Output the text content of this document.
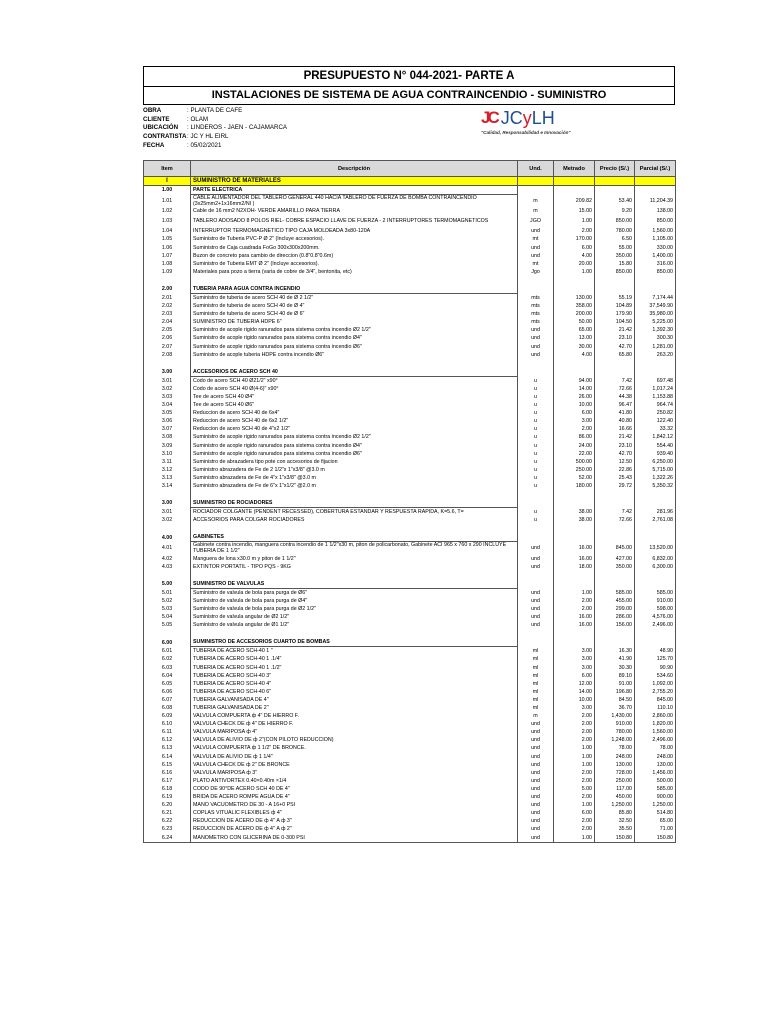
PRESUPUESTO N° 044-2021- PARTE A
INSTALACIONES DE SISTEMA DE AGUA CONTRAINCENDIO - SUMINISTRO
OBRA	: PLANTA DE CAFE
CLIENTE	: OLAM
UBICACIÓN	: LINDEROS - JAEN - CAJAMARCA
CONTRATISTA : JC Y HL EIRL
FECHA	: 05/02/2021
JC JCyLH
"Calidad, Responsabilidad e Innovación"
Item	Descripción	Und.	Metrado	Precio (S/.)	Parcial (S/.)
I	SUMINISTRO DE MATERIALES				
1.00	PARTE ELECTRICA				
1.01	CABLE ALIMENTADOR DEL TABLERO GENERAL 440 HACIA TABLERO DE FUERZA DE BOMBA CONTRAINCENDIO (3x25mm2+1x16mm2/NI )	m	209.82	53.40	11,204.39
1.02	Cable de 16 mm2 N2XOH- VERDE AMARILLO PARA TIERRA	m	15.00	9.20	138.00
1.03	TABLERO ADOSADO 8 POLOS RIEL- COBRE ESPACIO LLAVE DE FUERZA - 2 INTERRUPTORES TERMOMAGNETICOS	JGO	1.00	850.00	850.00
1.04	INTERRUPTOR TERMOMAGNETICO TIPO CAJA MOLDEADA 3x80-120A	und	2.00	780.00	1,560.00
1.05	Suministro de Tuberia PVC-P Ø 2" (Incluye accesorios).	mt	170.00	6.50	1,105.00
1.06	Suministro de Caja cuadrada FoGo 300x300x200mm.	und	6.00	55.00	330.00
1.07	Buzon de concreto para cambio de direccion (0.8"0.8"0.6m)	und	4.00	350.00	1,400.00
1.08	Suministro de Tuberia EMT Ø 2" (Incluye accesorios).	mt	20.00	15.80	316.00
1.09	Materiales para pozo a tierra (varia de cobre de 3/4", bentonita, etc)	Jgo	1.00	850.00	850.00

2.00	TUBERIA PARA AGUA CONTRA INCENDIO				
2.01	Suministro de tuberia de acero SCH 40 de Ø 2 1/2"	mts	130.00	55.19	7,174.44
2.02	Suministro de tuberia de acero SCH 40 de Ø 4"	mts	358.00	104.89	37,549.90
2.03	Suministro de tuberia de acero SCH 40 de Ø 6"	mts	200.00	179.90	35,980.00
2.04	SUMINISTRO DE TUBERIA HDPE 6"	mts	50.00	104.50	5,225.00
2.05	Suministro de acople rigido ranurados para sistema contra incendio Ø2 1/2"	und	65.00	21.42	1,392.30
2.06	Suministro de acople rigido ranurados para sistema contra incendio Ø4"	und	13.00	23.10	300.30
2.07	Suministro de acople rigido ranurados para sistema contra incendio Ø6"	und	30.00	42.70	1,281.00
2.08	Suministro de acople tuberia HDPE contra incendio Ø6"	und	4.00	65.80	263.20

3.00	ACCESORIOS DE ACERO SCH 40				
3.01	Codo de acero SCH 40 Ø21/2" x90°	u	94.00	7.42	697.48
3.02	Codo de acero SCH 40 Ø(4-6)" x90°	u	14.00	72.66	1,017.24
3.03	Tee de acero SCH 40 Ø4"	u	26.00	44.38	1,153.88
3.04	Tee de acero SCH 40 Ø6"	u	10.00	96.47	964.74
3.05	Reduccion de acero SCH 40 de 6x4"	u	6.00	41.80	250.82
3.06	Reduccion de acero SCH 40 de 6x2 1/2"	u	3.00	40.80	122.40
3.07	Reduccion de acero SCH 40 de 4"x2 1/2"	u	2.00	16.66	33.32
3.08	Suministro de acople rigido ranurados para sistema contra incendio Ø2 1/2"	u	86.00	21.42	1,842.12
3.09	Suministro de acople rigido ranurados para sistema contra incendio Ø4"	u	24.00	23.10	554.40
3.10	Suministro de acople rigido ranurados para sistema contra incendio Ø6"	u	22.00	42.70	939.40
3.11	Suministro de abrazadera tipo pote con accesorios de fijacion	u	500.00	12.50	6,250.00
3.12	Suministro abrazadera de Fe de 2 1/2"x 1"x3/8" @3.0 m	u	250.00	22.86	5,715.00
3.13	Suministro abrazadera de Fe de 4"x 1"x3/8" @3.0 m	u	52.00	25.43	1,322.26
3.14	Suministro abrazadera de Fe de 6"x 1"x1/2" @2.0 m	u	180.00	29.72	5,350.32

3.00	SUMINISTRO DE ROCIADORES				
3.01	ROCIADOR COLGANTE (PENDENT RECESSED), COBERTURA ESTANDAR Y RESPUESTA RAPIDA, K=5.6, T=	u	38.00	7.42	281.96
3.02	ACCESORIOS PARA COLGAR ROCIADORES	u	38.00	72.66	2,761.08

4.00	GABINETES				
4.01	Gabinete contra incendio, manguera contra incendio de 1 1/2"x30 m, piton de policarbonato, Gabinete ACI 965 x 760 x 290 INCLUYE TUBERIA DE 1 1/2"	und	16.00	845.00	13,520.00
4.02	Manguera de lona x30.0 m y piton de 1 1/2"	und	16.00	427.00	6,832.00
4.03	EXTINTOR PORTATIL - TIPO PQS - 9KG	und	18.00	350.00	6,300.00

5.00	SUMINISTRO DE VALVULAS				
5.01	Suministro de valvula de bola para purga de Ø6"	und	1.00	585.00	585.00
5.02	Suministro de valvula de bola para purga de Ø4"	und	2.00	455.00	910.00
5.03	Suministro de valvula de bola para purga de Ø2 1/2"	und	2.00	299.00	598.00
5.04	Suministro de valvula angular de Ø2 1/2"	und	16.00	286.00	4,576.00
5.05	Suministro de valvula angular de Ø1 1/2"	und	16.00	156.00	2,496.00

6.00	SUMINISTRO DE ACCESORIOS CUARTO DE BOMBAS				
6.01	TUBERIA DE ACERO SCH-40 1 "	ml	3.00	16.30	48.90
6.02	TUBERIA DE ACERO SCH-40 1 .1/4"	ml	3.00	41.90	125.70
6.03	TUBERIA DE ACERO SCH-40 1 .1/2"	ml	3.00	30.30	90.90
6.04	TUBERIA DE ACERO SCH-40 3"	ml	6.00	89.10	534.60
6.05	TUBERIA DE ACERO SCH-40 4"	ml	12.00	91.00	1,092.00
6.06	TUBERIA DE ACERO SCH-40 6"	ml	14.00	196.80	2,755.20
6.07	TUBERIA GALVANISADA DE 4"	ml	10.00	84.50	845.00
6.08	TUBERIA GALVANISADA DE 2"	ml	3.00	36.70	110.10
6.09	VALVULA COMPUERTA ф 4" DE HIERRO F.	m	2.00	1,430.00	2,860.00
6.10	VALVULA CHECK DE ф 4" DE HIERRO F.	und	2.00	910.00	1,820.00
6.11	VALVULA MARIPOSA ф 4"	und	2.00	780.00	1,560.00
6.12	VALVULA DE ALIVIO DE ф 2"(CON PILOTO REDUCCION)	und	2.00	1,248.00	2,496.00
6.13	VALVULA COMPUERTA ф 1 1/2" DE BRONCE.	und	1.00	78.00	78.00
6.14	VALVULA DE ALIVIO DE ф 1 1/4"	und	1.00	248.00	248.00
6.15	VALVULA CHECK DE ф 2" DE BRONCE	und	1.00	130.00	130.00
6.16	VALVULA MARIPOSA ф 3"	und	2.00	728.00	1,456.00
6.17	PLATO ANTIVORTEX 0.40×0.40m ×1/4	und	2.00	250.00	500.00
6.18	CODO DE 90°DE ACERO SCH 40 DE 4"	und	5.00	117.00	585.00
6.19	BRIDA DE ACERO ROMPE AGUA DE 4"	und	2.00	450.00	900.00
6.20	MANO VACUOMETRO DE 30 - A 16+0 PSI	und	1.00	1,250.00	1,250.00
6.21	COPLAS VITUALIC FLEXIBLES ф 4"	und	6.00	85.80	514.80
6.22	REDUCCION DE ACERO DE ф 4" A ф 3"	und	2.00	32.50	65.00
6.23	REDUCCION DE ACERO DE ф 4" A ф 2"	und	2.00	35.50	71.00
6.24	MANOMETRO CON GLICERINA DE 0-300 PSI	und	1.00	150.80	150.80
